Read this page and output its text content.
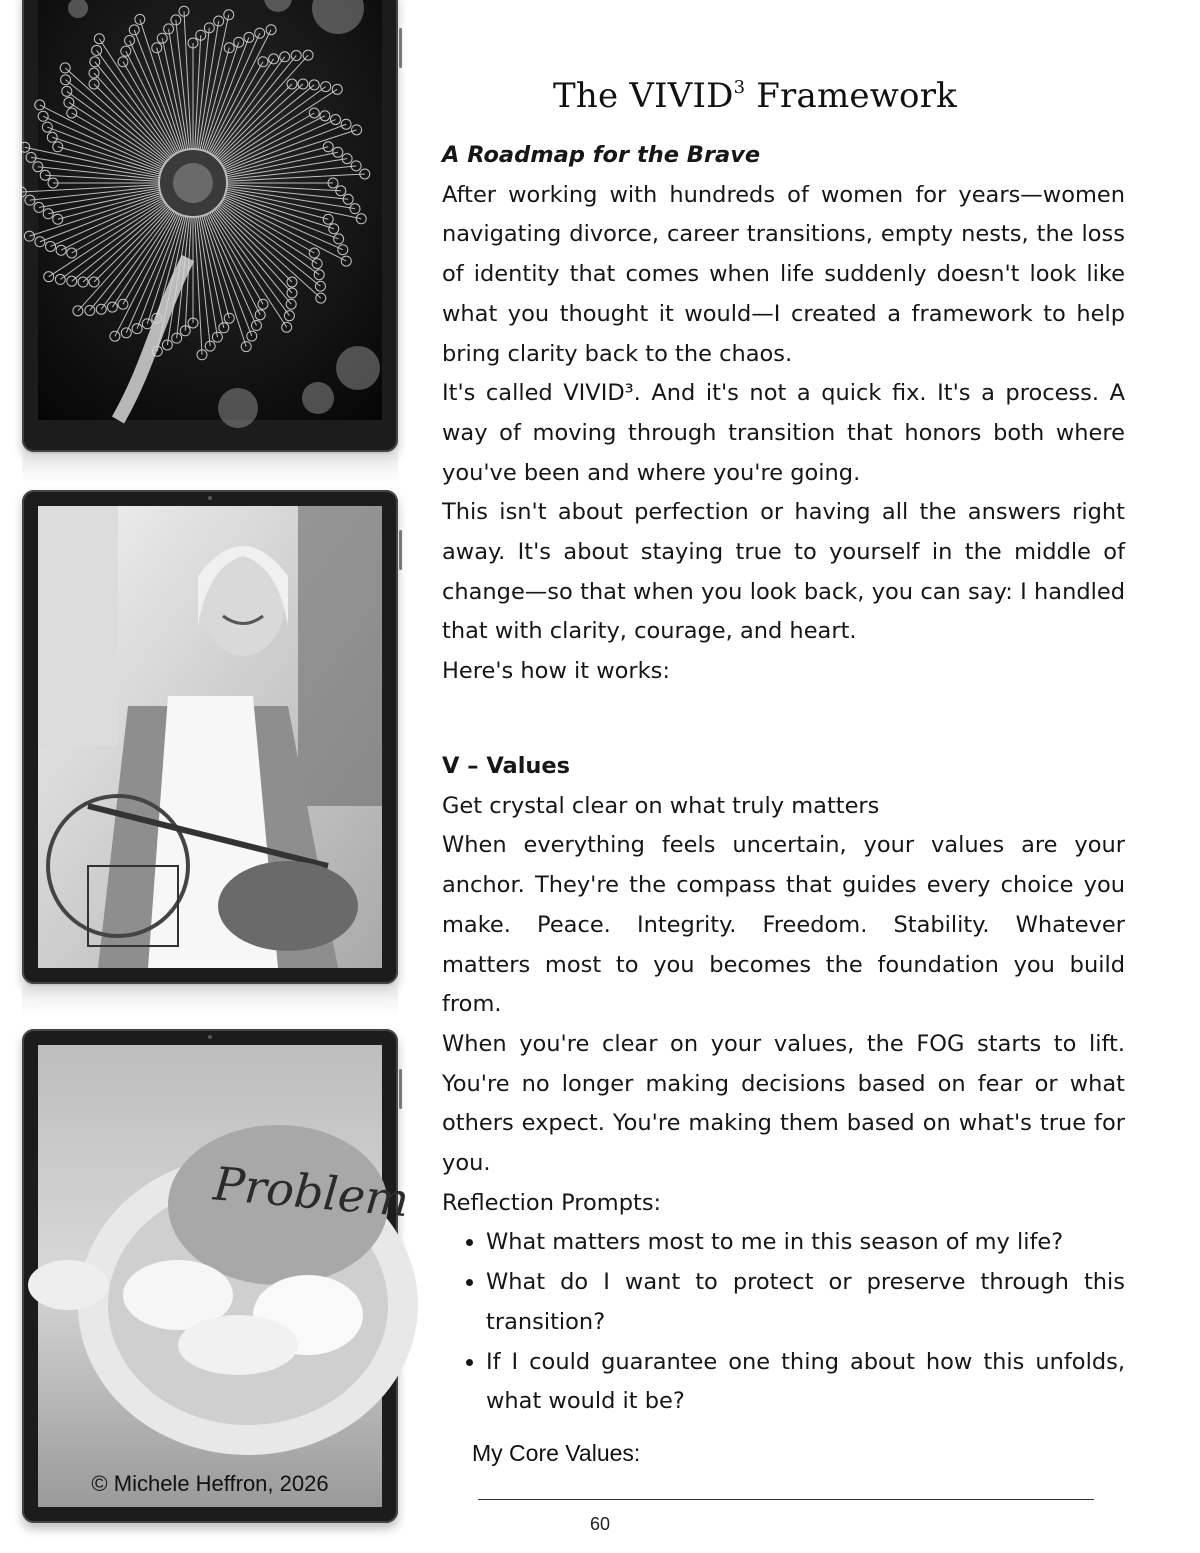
Problem
© Michele Heffron, 2026
The VIVID$^3$ Framework

A Roadmap for the Brave

After working with hundreds of women for years—women navigating divorce, career transitions, empty nests, the loss of identity that comes when life suddenly doesn't look like what you thought it would—I created a framework to help bring clarity back to the chaos.

It's called VIVID³. And it's not a quick fix. It's a process. A way of moving through transition that honors both where you've been and where you're going.

This isn't about perfection or having all the answers right away. It's about staying true to yourself in the middle of change—so that when you look back, you can say: I handled that with clarity, courage, and heart.

Here's how it works:

V – Values

Get crystal clear on what truly matters

When everything feels uncertain, your values are your anchor. They're the compass that guides every choice you make. Peace. Integrity. Freedom. Stability. Whatever matters most to you becomes the foundation you build from.

When you're clear on your values, the FOG starts to lift. You're no longer making decisions based on fear or what others expect. You're making them based on what's true for you.

Reflection Prompts:

• What matters most to me in this season of my life?
• What do I want to protect or preserve through this transition?
• If I could guarantee one thing about how this unfolds, what would it be?
My Core Values:
60
